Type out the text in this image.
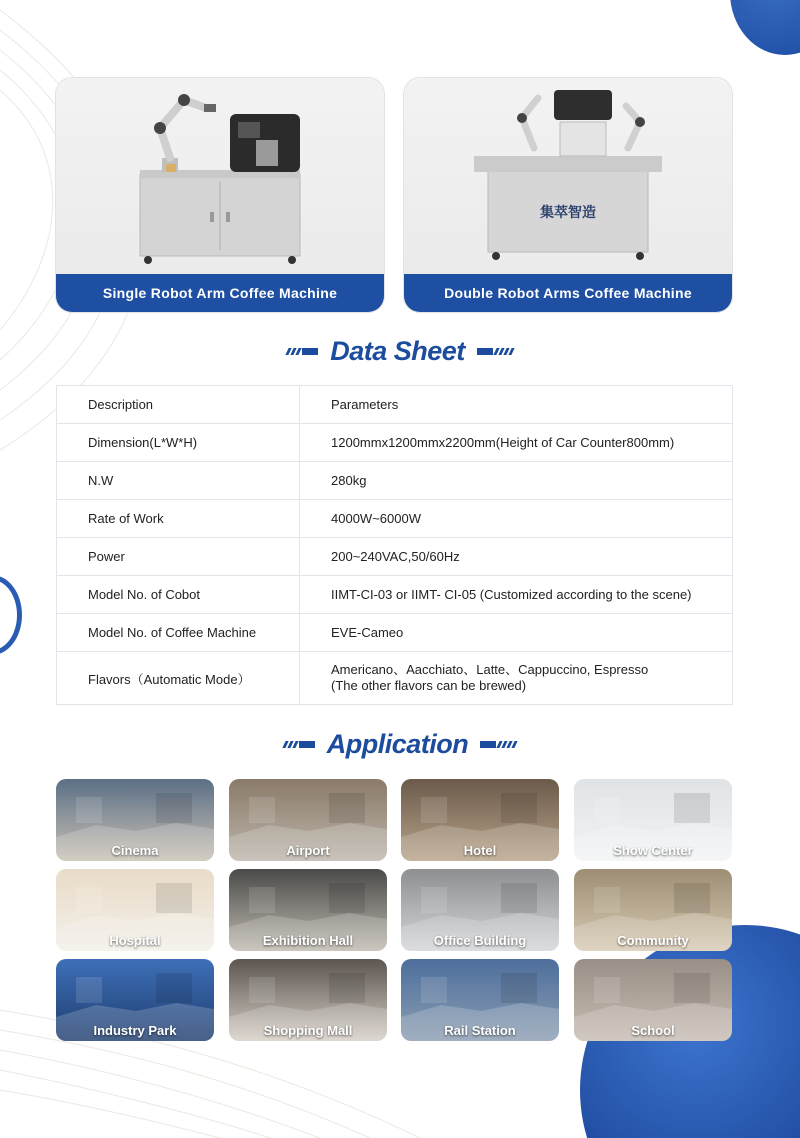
Single Robot Arm Coffee Machine
集萃智造
Double Robot Arms Coffee Machine
Data Sheet
Description	Parameters
Dimension(L*W*H)	1200mmx1200mmx2200mm(Height of Car Counter800mm)
N.W	280kg
Rate of Work	4000W~6000W
Power	200~240VAC,50/60Hz
Model No. of Cobot	IIMT-CI-03 or IIMT- CI-05 (Customized according to the scene)
Model No. of Coffee Machine	EVE-Cameo
Flavors（Automatic Mode）	Americano、Aacchiato、Latte、Cappuccino, Espresso
(The other flavors can be brewed)
Application
Cinema	Airport	Hotel	Show Center
Hospital	Exhibition Hall	Office Building	Community
Industry Park	Shopping Mall	Rail Station	School
